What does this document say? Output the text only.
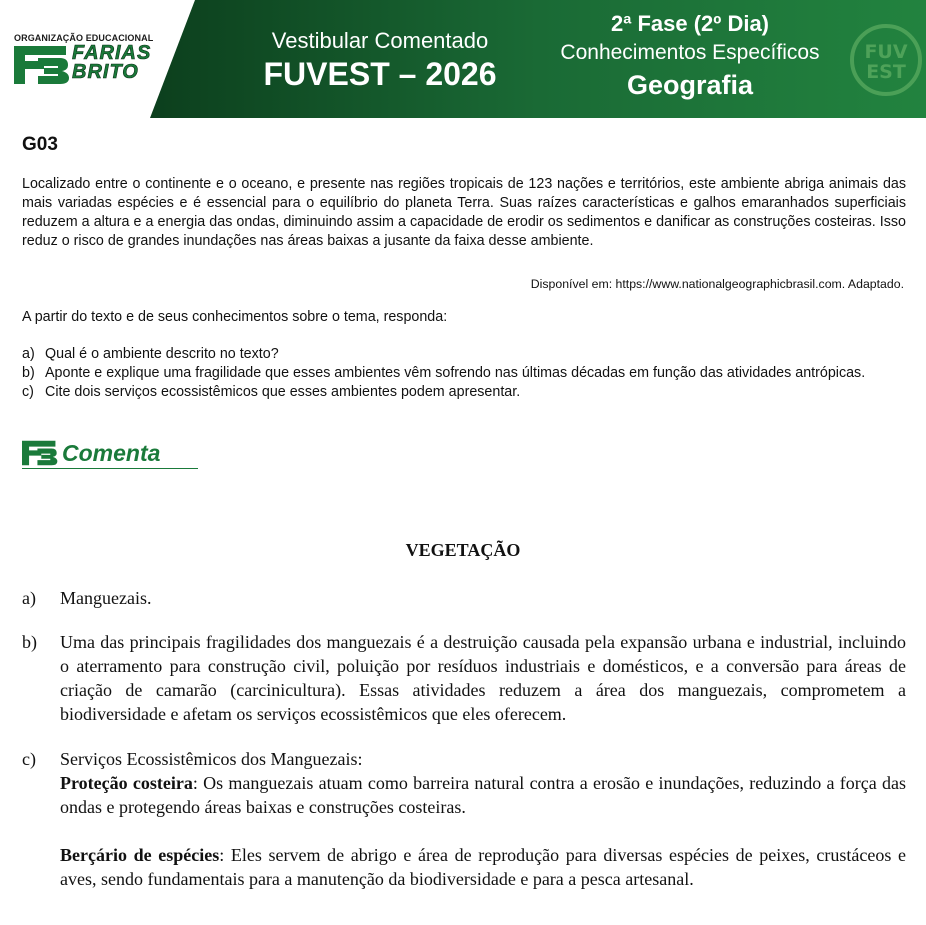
ORGANIZAÇÃO EDUCACIONAL
FARIAS
BRITO
Vestibular Comentado
FUVEST – 2026
2ª Fase (2º Dia)
Conhecimentos Específicos
Geografia
FUV
EST
G03
Localizado entre o continente e o oceano, e presente nas regiões tropicais de 123 nações e territórios, este ambiente abriga animais das mais variadas espécies e é essencial para o equilíbrio do planeta Terra. Suas raízes características e galhos emaranhados superficiais reduzem a altura e a energia das ondas, diminuindo assim a capacidade de erodir os sedimentos e danificar as construções costeiras. Isso reduz o risco de grandes inundações nas áreas baixas a jusante da faixa desse ambiente.
Disponível em: https://www.nationalgeographicbrasil.com. Adaptado.
A partir do texto e de seus conhecimentos sobre o tema, responda:
a) Qual é o ambiente descrito no texto?
b) Aponte e explique uma fragilidade que esses ambientes vêm sofrendo nas últimas décadas em função das atividades antrópicas.
c) Cite dois serviços ecossistêmicos que esses ambientes podem apresentar.
Comenta
VEGETAÇÃO
a)	Manguezais.
b)	Uma das principais fragilidades dos manguezais é a destruição causada pela expansão urbana e industrial, incluindo o aterramento para construção civil, poluição por resíduos industriais e domésticos, e a conversão para áreas de criação de camarão (carcinicultura). Essas atividades reduzem a área dos manguezais, comprometem a biodiversidade e afetam os serviços ecossistêmicos que eles oferecem.
c)	Serviços Ecossistêmicos dos Manguezais:

Proteção costeira: Os manguezais atuam como barreira natural contra a erosão e inundações, reduzindo a força das ondas e protegendo áreas baixas e construções costeiras.

Berçário de espécies: Eles servem de abrigo e área de reprodução para diversas espécies de peixes, crustáceos e aves, sendo fundamentais para a manutenção da biodiversidade e para a pesca artesanal.
